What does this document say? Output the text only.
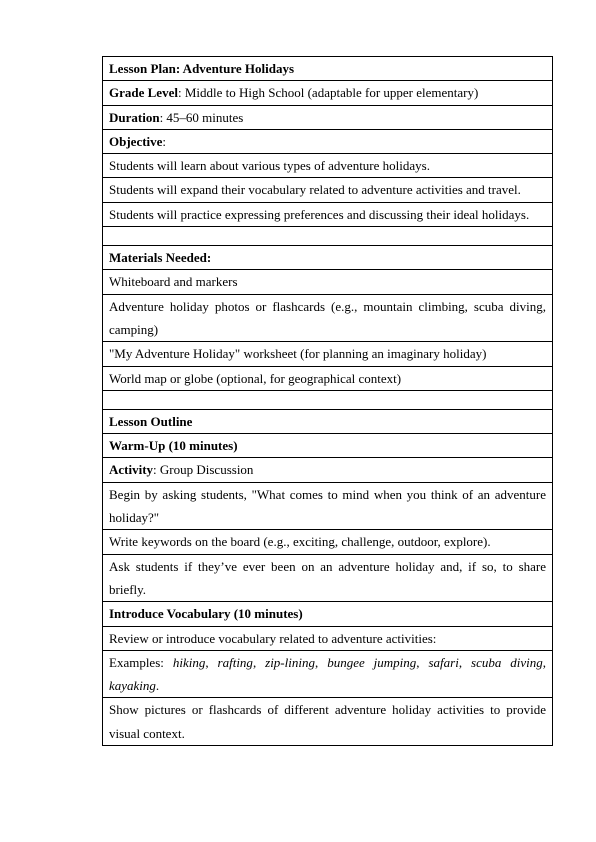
Lesson Plan: Adventure Holidays
Grade Level: Middle to High School (adaptable for upper elementary)
Duration: 45–60 minutes
Objective:
Students will learn about various types of adventure holidays.
Students will expand their vocabulary related to adventure activities and travel.
Students will practice expressing preferences and discussing their ideal holidays.

Materials Needed:
Whiteboard and markers
Adventure holiday photos or flashcards (e.g., mountain climbing, scuba diving, camping)
"My Adventure Holiday" worksheet (for planning an imaginary holiday)
World map or globe (optional, for geographical context)

Lesson Outline
Warm-Up (10 minutes)
Activity: Group Discussion
Begin by asking students, "What comes to mind when you think of an adventure holiday?"
Write keywords on the board (e.g., exciting, challenge, outdoor, explore).
Ask students if they’ve ever been on an adventure holiday and, if so, to share briefly.
Introduce Vocabulary (10 minutes)
Review or introduce vocabulary related to adventure activities:
Examples: hiking, rafting, zip-lining, bungee jumping, safari, scuba diving, kayaking.
Show pictures or flashcards of different adventure holiday activities to provide visual context.
